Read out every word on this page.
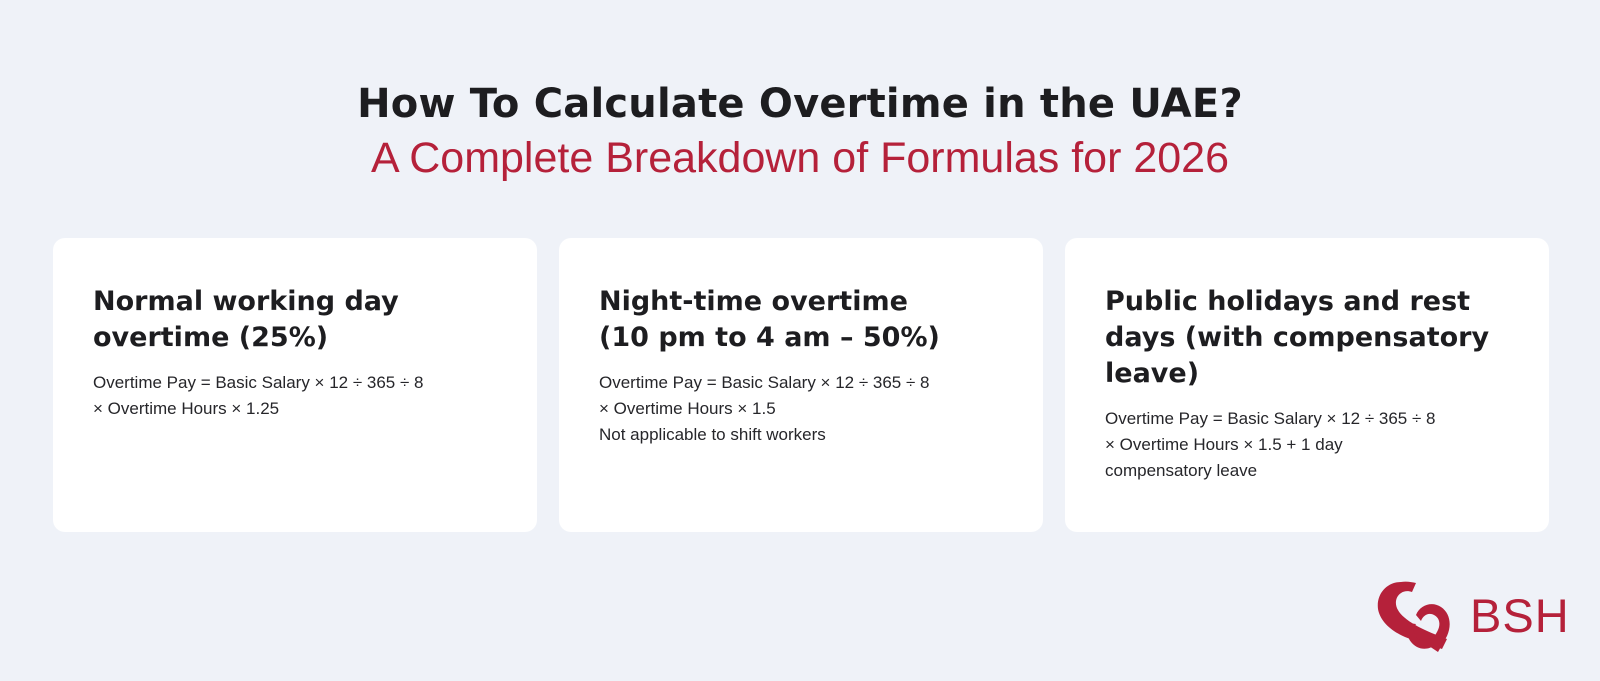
How To Calculate Overtime in the UAE?
A Complete Breakdown of Formulas for 2026
Normal working day
overtime (25%)

Overtime Pay = Basic Salary × 12 ÷ 365 ÷ 8
× Overtime Hours × 1.25

Night-time overtime
(10 pm to 4 am – 50%)

Overtime Pay = Basic Salary × 12 ÷ 365 ÷ 8
× Overtime Hours × 1.5
Not applicable to shift workers

Public holidays and rest
days (with compensatory
leave)

Overtime Pay = Basic Salary × 12 ÷ 365 ÷ 8
× Overtime Hours × 1.5 + 1 day
compensatory leave

BSH
